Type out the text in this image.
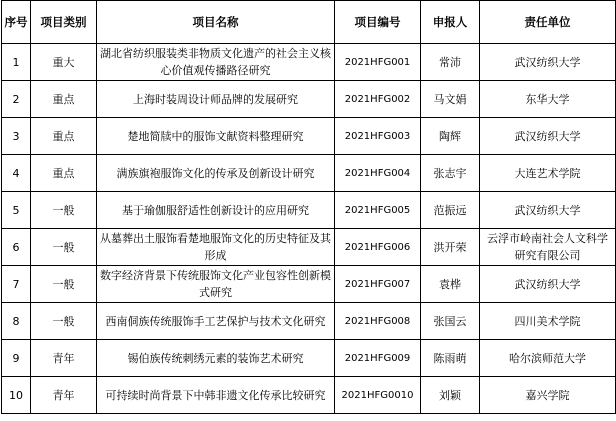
序号	项目类别	项目名称	项目编号	申报人	责任单位
1	重大	湖北省纺织服装类非物质文化遗产的社会主义核心价值观传播路径研究	2021HFG001	常沛	武汉纺织大学
2	重点	上海时装周设计师品牌的发展研究	2021HFG002	马文娟	东华大学
3	重点	楚地简牍中的服饰文献资料整理研究	2021HFG003	陶辉	武汉纺织大学
4	重点	满族旗袍服饰文化的传承及创新设计研究	2021HFG004	张志宇	大连艺术学院
5	一般	基于瑜伽服舒适性创新设计的应用研究	2021HFG005	范振远	武汉纺织大学
6	一般	从墓葬出土服饰看楚地服饰文化的历史特征及其形成	2021HFG006	洪开荣	云浮市岭南社会人文科学研究有限公司
7	一般	数字经济背景下传统服饰文化产业包容性创新模式研究	2021HFG007	袁桦	武汉纺织大学
8	一般	西南侗族传统服饰手工艺保护与技术文化研究	2021HFG008	张国云	四川美术学院
9	青年	锡伯族传统刺绣元素的装饰艺术研究	2021HFG009	陈雨萌	哈尔滨师范大学
10	青年	可持续时尚背景下中韩非遗文化传承比较研究	2021HFG0010	刘颖	嘉兴学院
